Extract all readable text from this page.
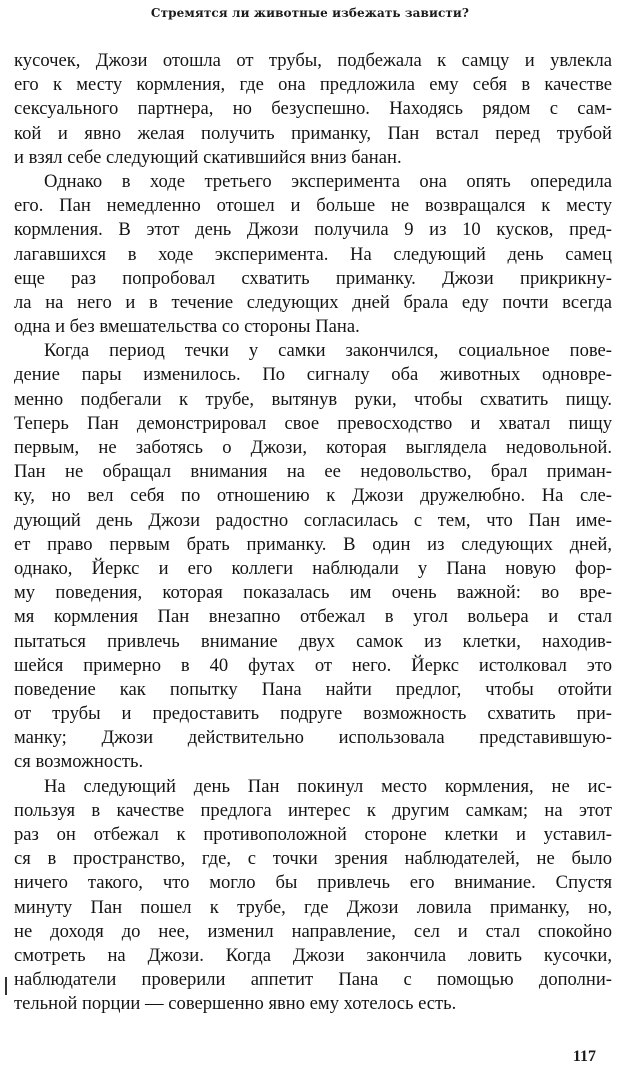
Стремятся ли животные избежать зависти?
кусочек, Джози отошла от трубы, подбежала к самцу и увлекла
его к месту кормления, где она предложила ему себя в качестве
сексуального партнера, но безуспешно. Находясь рядом с сам-
кой и явно желая получить приманку, Пан встал перед трубой
и взял себе следующий скатившийся вниз банан.
Однако в ходе третьего эксперимента она опять опередила
его. Пан немедленно отошел и больше не возвращался к месту
кормления. В этот день Джози получила 9 из 10 кусков, пред-
лагавшихся в ходе эксперимента. На следующий день самец
еще раз попробовал схватить приманку. Джози прикрикну-
ла на него и в течение следующих дней брала еду почти всегда
одна и без вмешательства со стороны Пана.
Когда период течки у самки закончился, социальное пове-
дение пары изменилось. По сигналу оба животных одновре-
менно подбегали к трубе, вытянув руки, чтобы схватить пищу.
Теперь Пан демонстрировал свое превосходство и хватал пищу
первым, не заботясь о Джози, которая выглядела недовольной.
Пан не обращал внимания на ее недовольство, брал приман-
ку, но вел себя по отношению к Джози дружелюбно. На сле-
дующий день Джози радостно согласилась с тем, что Пан име-
ет право первым брать приманку. В один из следующих дней,
однако, Йеркс и его коллеги наблюдали у Пана новую фор-
му поведения, которая показалась им очень важной: во вре-
мя кормления Пан внезапно отбежал в угол вольера и стал
пытаться привлечь внимание двух самок из клетки, находив-
шейся примерно в 40 футах от него. Йеркс истолковал это
поведение как попытку Пана найти предлог, чтобы отойти
от трубы и предоставить подруге возможность схватить при-
манку; Джози действительно использовала представившую-
ся возможность.
На следующий день Пан покинул место кормления, не ис-
пользуя в качестве предлога интерес к другим самкам; на этот
раз он отбежал к противоположной стороне клетки и уставил-
ся в пространство, где, с точки зрения наблюдателей, не было
ничего такого, что могло бы привлечь его внимание. Спустя
минуту Пан пошел к трубе, где Джози ловила приманку, но,
не доходя до нее, изменил направление, сел и стал спокойно
смотреть на Джози. Когда Джози закончила ловить кусочки,
наблюдатели проверили аппетит Пана с помощью дополни-
тельной порции — совершенно явно ему хотелось есть.
117
